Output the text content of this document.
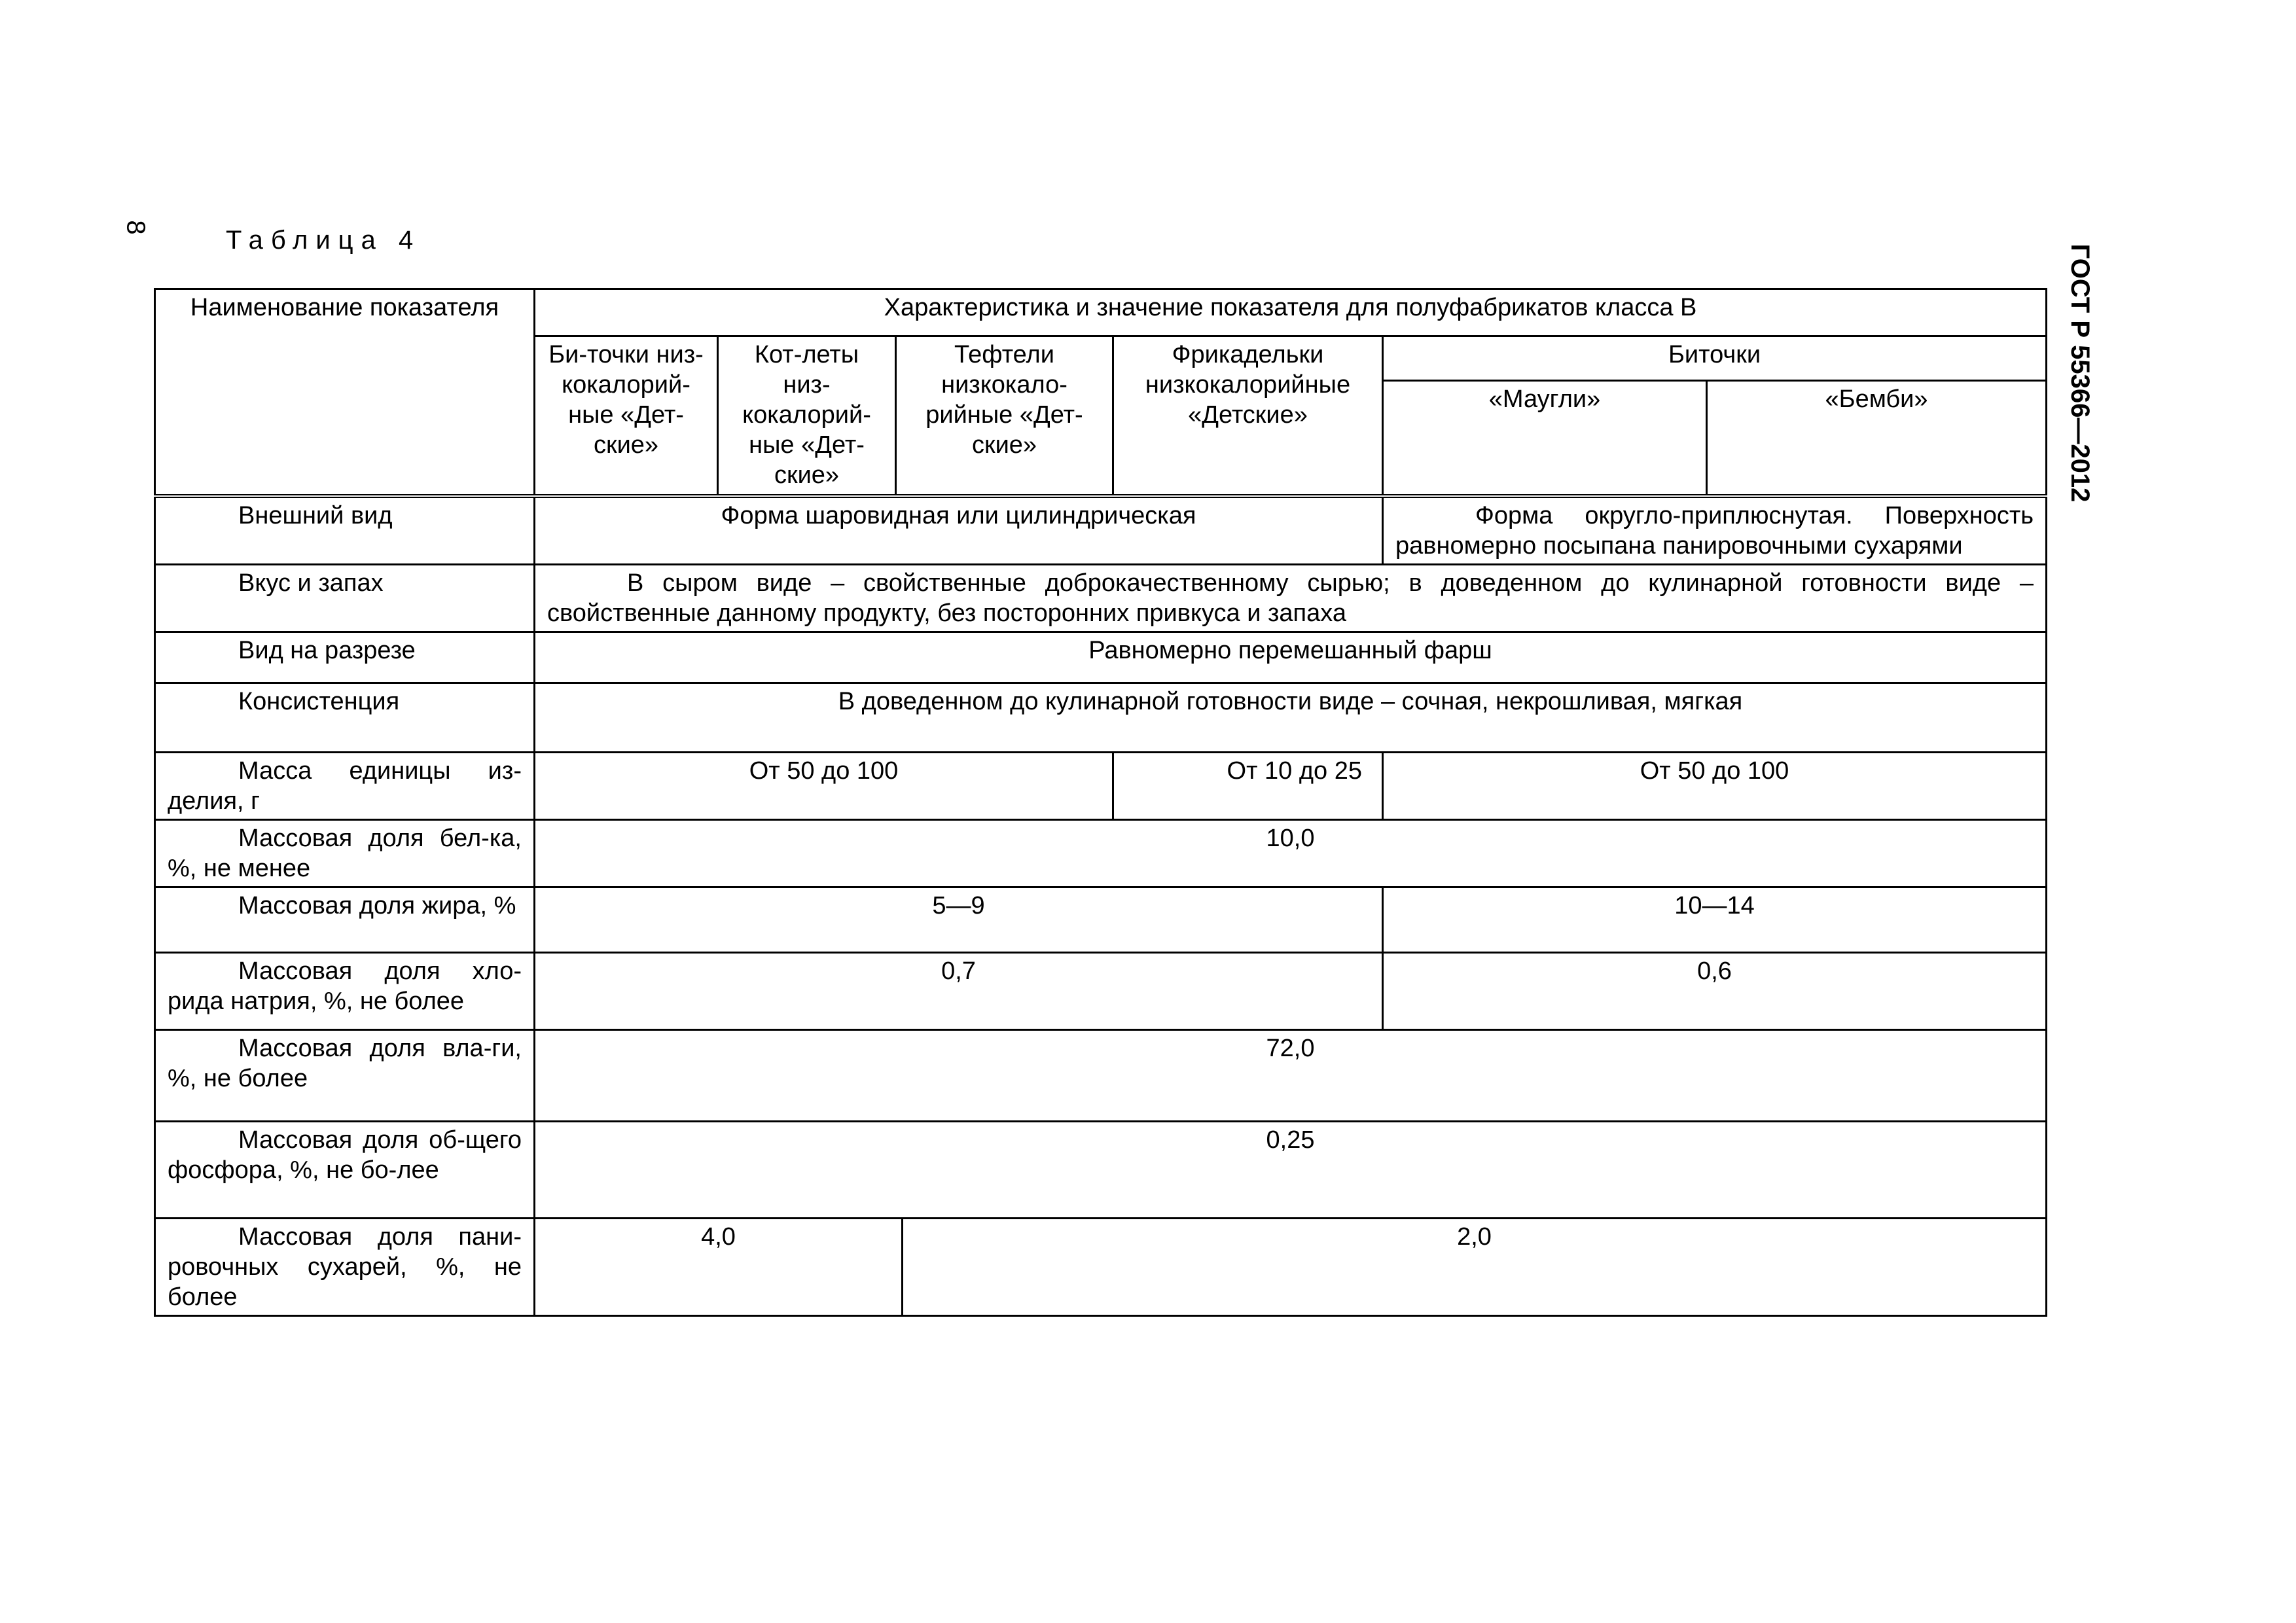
8	Таблица 4
ГОСТ Р 55366—2012
Наименование показателя	Характеристика и значение показателя для полуфабрикатов класса В						
	Би-точки низ-кокалорий-ные «Дет-ские»	Кот-леты низ-кокалорий-ные «Дет-ские»	Тефтели низкокало-рийные «Дет-ские»		Фрикадельки низкокалорийные «Детские»	Биточки	
						«Маугли»	«Бемби»
Внешний вид	Форма шаровидная или цилиндрическая					Форма округло-приплюснутая. Поверхность равномерно посыпана панировочными сухарями	
Вкус и запах	В сыром виде – свойственные доброкачественному сырью; в доведенном до кулинарной готовности виде – свойственные данному продукту, без посторонних привкуса и запаха						
Вид на разрезе	Равномерно перемешанный фарш						
Консистенция	В доведенном до кулинарной готовности виде – сочная, некрошливая, мягкая						
Масса единицы из-делия, г	От 50 до 100				От 10 до 25	От 50 до 100	
Массовая доля бел-ка, %, не менее	10,0						
Массовая доля жира, %	5—9					10—14	
Массовая доля хло-рида натрия, %, не более	0,7					0,6	
Массовая доля вла-ги, %, не более	72,0						
Массовая доля об-щего фосфора, %, не бо-лее	0,25						
Массовая доля пани-ровочных сухарей, %, не более	4,0			2,0			
